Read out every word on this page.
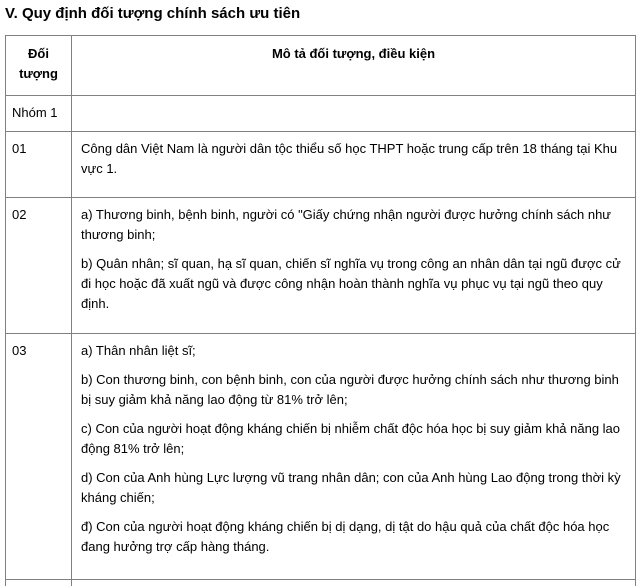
V. Quy định đối tượng chính sách ưu tiên
Đối tượng	Mô tả đối tượng, điều kiện
Nhóm 1	
01	Công dân Việt Nam là người dân tộc thiểu số học THPT hoặc trung cấp trên 18 tháng tại Khu vực 1.

02	a) Thương binh, bệnh binh, người có "Giấy chứng nhận người được hưởng chính sách như thương binh;

b) Quân nhân; sĩ quan, hạ sĩ quan, chiến sĩ nghĩa vụ trong công an nhân dân tại ngũ được cử đi học hoặc đã xuất ngũ và được công nhận hoàn thành nghĩa vụ phục vụ tại ngũ theo quy định.

03	a) Thân nhân liệt sĩ;

b) Con thương binh, con bệnh binh, con của người được hưởng chính sách như thương binh bị suy giảm khả năng lao động từ 81% trở lên;

c) Con của người hoạt động kháng chiến bị nhiễm chất độc hóa học bị suy giảm khả năng lao động 81% trở lên;

d) Con của Anh hùng Lực lượng vũ trang nhân dân; con của Anh hùng Lao động trong thời kỳ kháng chiến;

đ) Con của người hoạt động kháng chiến bị dị dạng, dị tật do hậu quả của chất độc hóa học đang hưởng trợ cấp hàng tháng.
